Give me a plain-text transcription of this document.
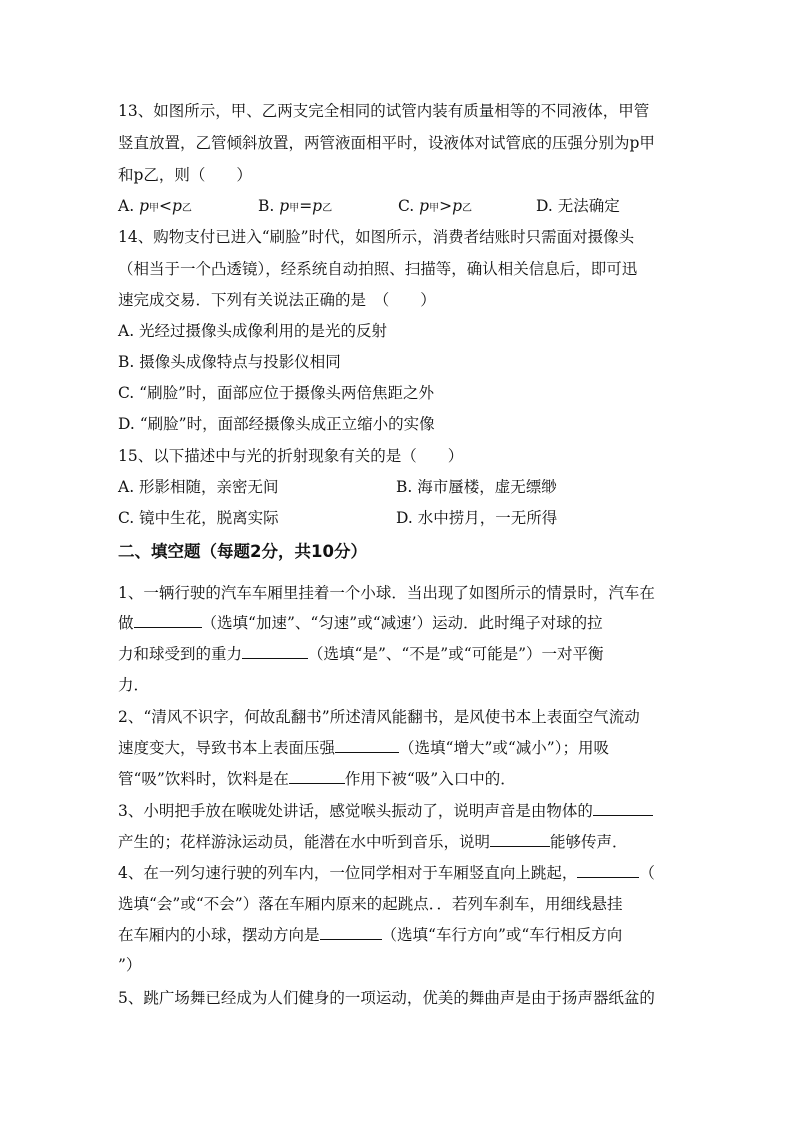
13、如图所示，甲、乙两支完全相同的试管内装有质量相等的不同液体，甲管
竖直放置，乙管倾斜放置，两管液面相平时，设液体对试管底的压强分别为p甲
和p乙，则（　　）
A. p甲<p乙	B. p甲=p乙	C. p甲>p乙	D. 无法确定
14、购物支付已进入“刷脸”时代，如图所示，消费者结账时只需面对摄像头
（相当于一个凸透镜），经系统自动拍照、扫描等，确认相关信息后，即可迅
速完成交易．下列有关说法正确的是　（　　）
A. 光经过摄像头成像利用的是光的反射
B. 摄像头成像特点与投影仪相同
C. “刷脸”时，面部应位于摄像头两倍焦距之外
D. “刷脸”时，面部经摄像头成正立缩小的实像
15、以下描述中与光的折射现象有关的是（　　）
A. 形影相随，亲密无间	B. 海市蜃楼，虚无缥缈
C. 镜中生花，脱离实际	D. 水中捞月，一无所得
二、填空题（每题2分，共10分）
1、一辆行驶的汽车车厢里挂着一个小球．当出现了如图所示的情景时，汽车在
做	（选填“加速”、“匀速”或“减速’）运动．此时绳子对球的拉
力和球受到的重力	（选填“是”、“不是”或“可能是”）一对平衡
力．
2、“清风不识字，何故乱翻书”所述清风能翻书，是风使书本上表面空气流动
速度变大，导致书本上表面压强	（选填“增大”或“减小”）；用吸
管“吸”饮料时，饮料是在	作用下被“吸”入口中的．
3、小明把手放在喉咙处讲话，感觉喉头振动了，说明声音是由物体的
产生的；花样游泳运动员，能潜在水中听到音乐，说明	能够传声．
4、在一列匀速行驶的列车内，一位同学相对于车厢竖直向上跳起，	（
选填“会”或“不会”）落在车厢内原来的起跳点．．若列车刹车，用细线悬挂
在车厢内的小球，摆动方向是	（选填“车行方向”或“车行相反方向
”）
5、跳广场舞已经成为人们健身的一项运动，优美的舞曲声是由于扬声器纸盆的
